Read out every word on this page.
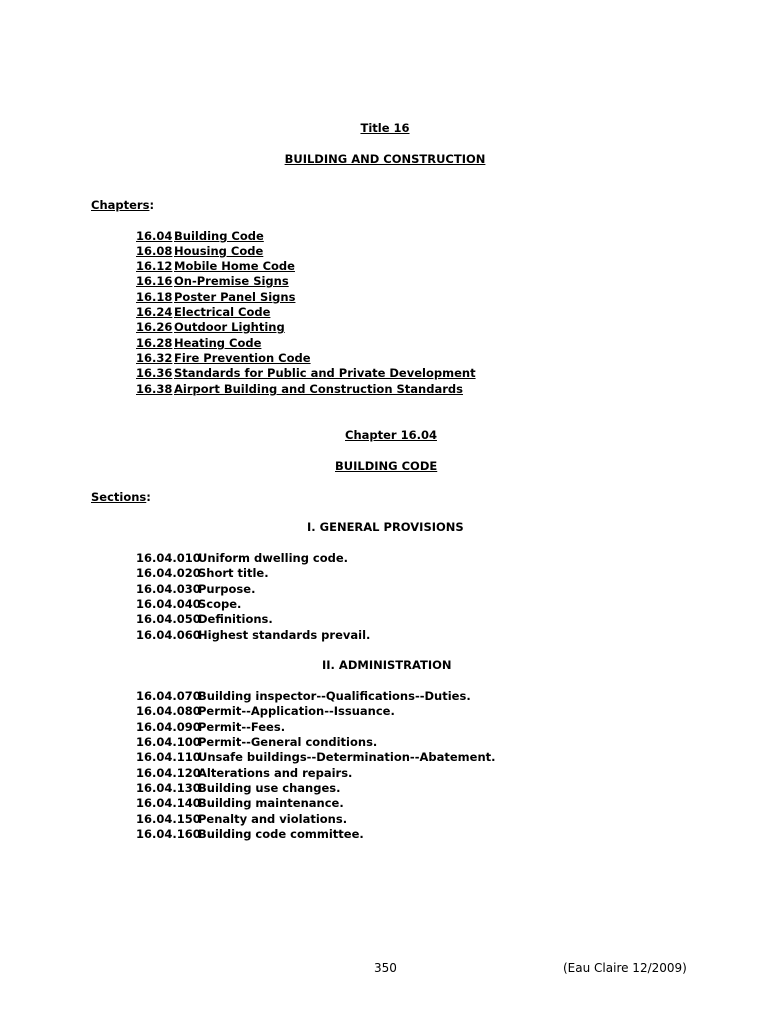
Title 16
BUILDING AND CONSTRUCTION
Chapters:
16.04 Building Code
16.08 Housing Code
16.12 Mobile Home Code
16.16 On-Premise Signs
16.18 Poster Panel Signs
16.24 Electrical Code
16.26 Outdoor Lighting
16.28 Heating Code
16.32 Fire Prevention Code
16.36 Standards for Public and Private Development
16.38 Airport Building and Construction Standards
Chapter 16.04
BUILDING CODE
Sections:
I. GENERAL PROVISIONS
16.04.010Uniform dwelling code.
16.04.020Short title.
16.04.030Purpose.
16.04.040Scope.
16.04.050Definitions.
16.04.060Highest standards prevail.
II. ADMINISTRATION
16.04.070Building inspector--Qualifications--Duties.
16.04.080Permit--Application--Issuance.
16.04.090Permit--Fees.
16.04.100Permit--General conditions.
16.04.110Unsafe buildings--Determination--Abatement.
16.04.120Alterations and repairs.
16.04.130Building use changes.
16.04.140Building maintenance.
16.04.150Penalty and violations.
16.04.160Building code committee.
350	(Eau Claire 12/2009)
